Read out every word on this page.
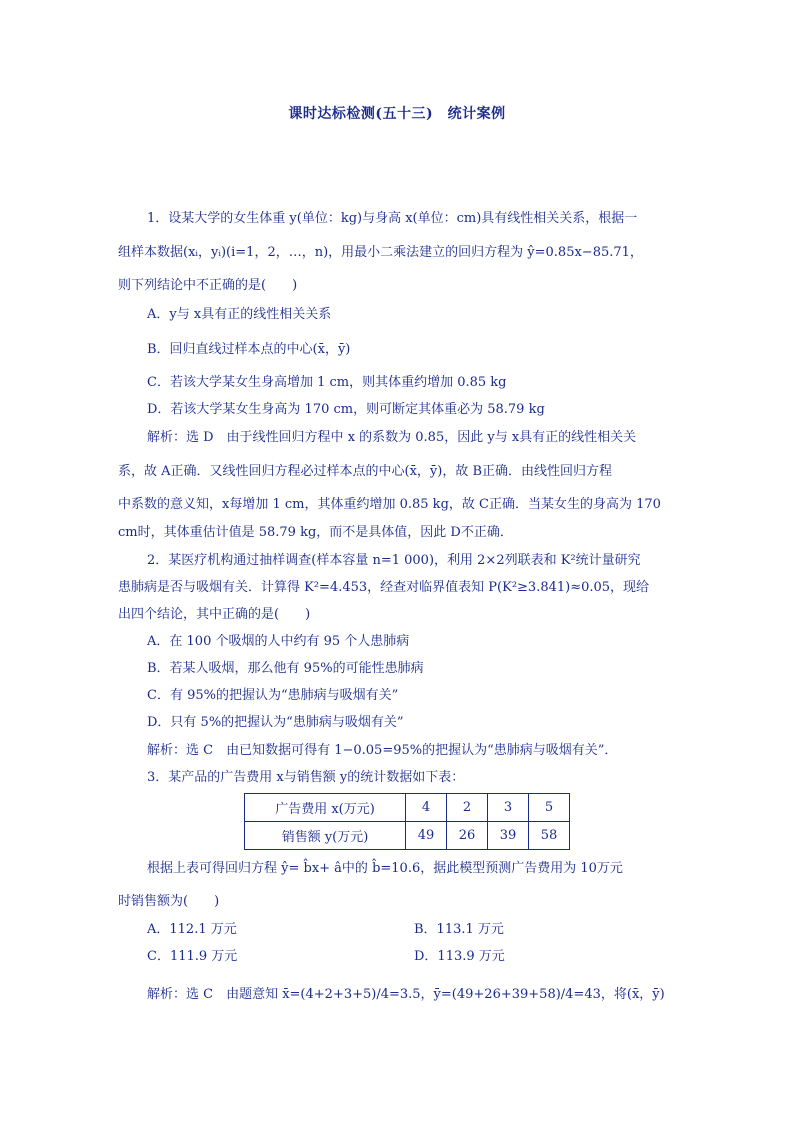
课时达标检测(五十三)　统计案例
1．设某大学的女生体重 y(单位：kg)与身高 x(单位：cm)具有线性相关关系，根据一
组样本数据(xᵢ，yᵢ)(i=1，2，…，n)，用最小二乘法建立的回归方程为 ŷ=0.85x−85.71，
则下列结论中不正确的是(　　)
A．y与 x具有正的线性相关关系
B．回归直线过样本点的中心(x̄，ȳ)
C．若该大学某女生身高增加 1 cm，则其体重约增加 0.85 kg
D．若该大学某女生身高为 170 cm，则可断定其体重必为 58.79 kg
解析：选 D　由于线性回归方程中 x 的系数为 0.85，因此 y与 x具有正的线性相关关
系，故 A正确．又线性回归方程必过样本点的中心(x̄，ȳ)，故 B正确．由线性回归方程
中系数的意义知，x每增加 1 cm，其体重约增加 0.85 kg，故 C正确．当某女生的身高为 170
cm时，其体重估计值是 58.79 kg，而不是具体值，因此 D不正确．
2．某医疗机构通过抽样调查(样本容量 n=1 000)，利用 2×2列联表和 K²统计量研究
患肺病是否与吸烟有关．计算得 K²=4.453，经查对临界值表知 P(K²≥3.841)≈0.05，现给
出四个结论，其中正确的是(　　)
A．在 100 个吸烟的人中约有 95 个人患肺病
B．若某人吸烟，那么他有 95%的可能性患肺病
C．有 95%的把握认为“患肺病与吸烟有关”
D．只有 5%的把握认为“患肺病与吸烟有关”
解析：选 C　由已知数据可得有 1−0.05=95%的把握认为“患肺病与吸烟有关”．
3．某产品的广告费用 x与销售额 y的统计数据如下表：
广告费用 x(万元)	4	2	3	5
销售额 y(万元)	49	26	39	58
根据上表可得回归方程 ŷ= b̂x+ â中的 b̂=10.6，据此模型预测广告费用为 10万元
时销售额为(　　)
A．112.1 万元	B．113.1 万元
C．111.9 万元	D．113.9 万元
解析：选 C　由题意知 x̄=(4+2+3+5)/4=3.5，ȳ=(49+26+39+58)/4=43，将(x̄，ȳ)
